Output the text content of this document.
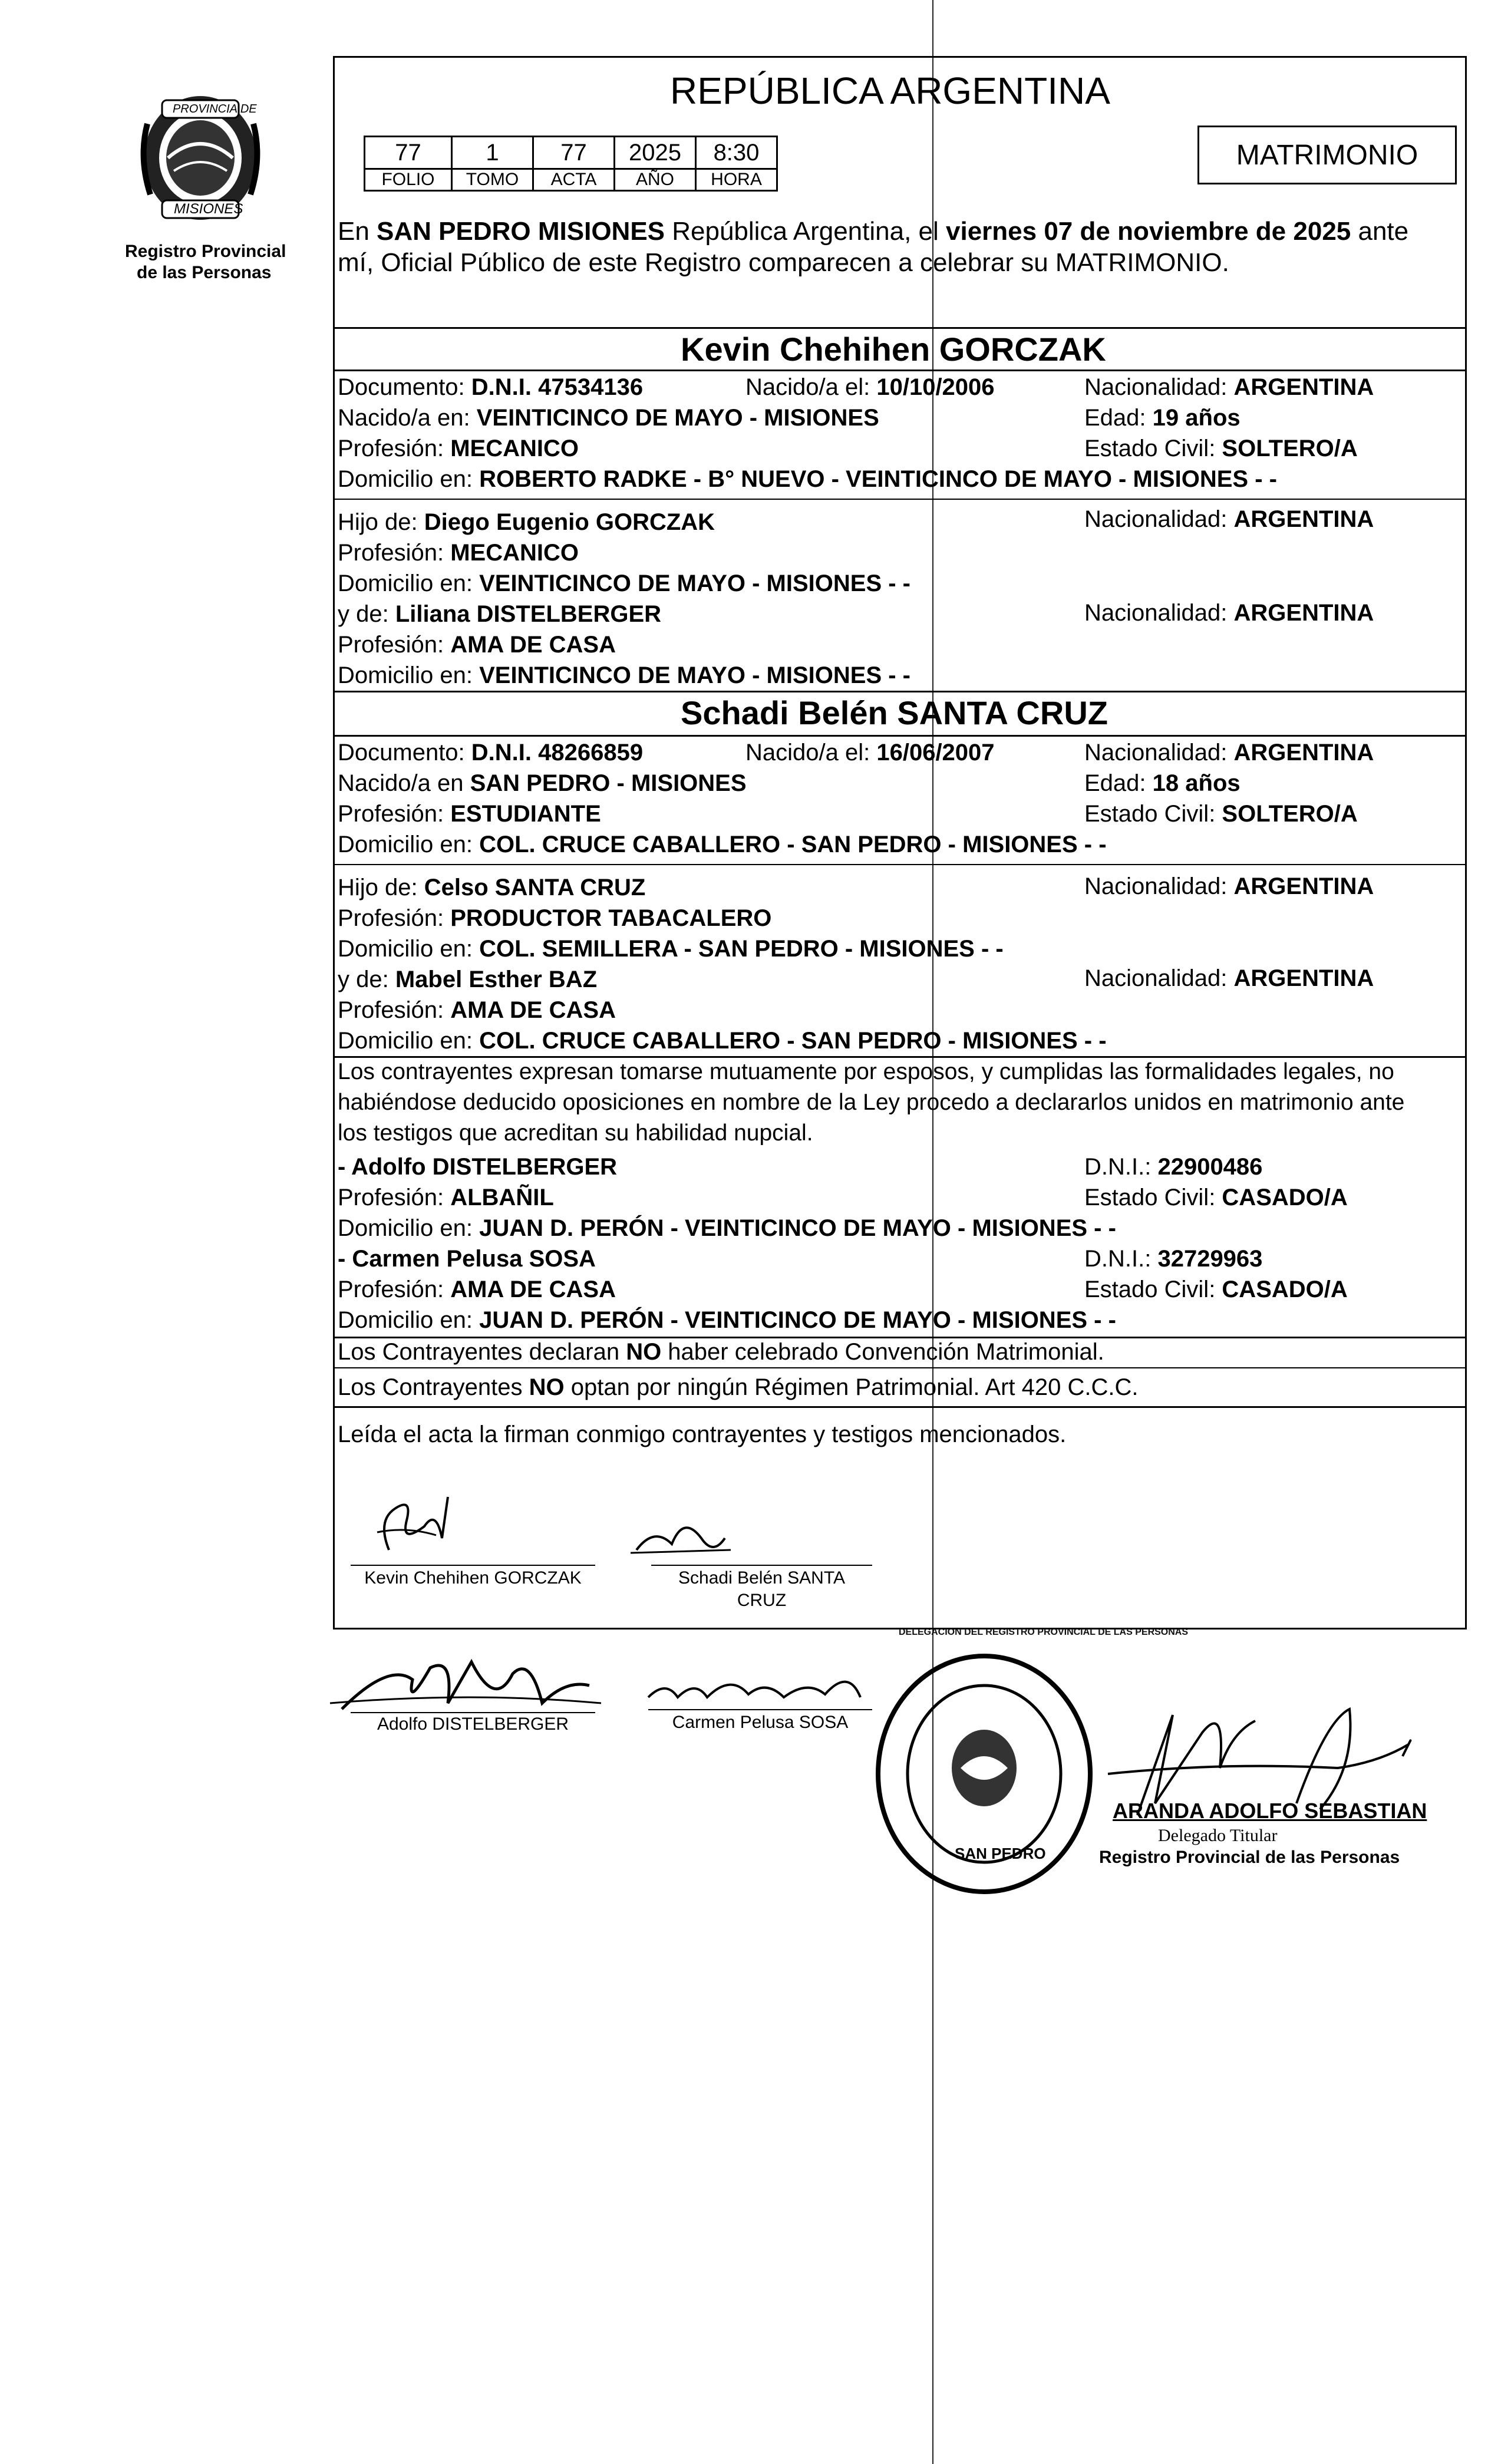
PROVINCIA DE
MISIONES
Registro Provincial
de las Personas
REPÚBLICA ARGENTINA
77	1	77	2025	8:30
FOLIO	TOMO	ACTA	AÑO	HORA
MATRIMONIO
En SAN PEDRO MISIONES República Argentina, el viernes 07 de noviembre de 2025 ante
mí, Oficial Público de este Registro comparecen a celebrar su MATRIMONIO.
Kevin Chehihen GORCZAK
Documento: D.N.I. 47534136	Nacido/a el: 10/10/2006	Nacionalidad: ARGENTINA
Nacido/a en: VEINTICINCO DE MAYO - MISIONES	Edad: 19 años
Profesión: MECANICO	Estado Civil: SOLTERO/A
Domicilio en: ROBERTO RADKE - B° NUEVO - VEINTICINCO DE MAYO - MISIONES - -
Hijo de: Diego Eugenio GORCZAK	Nacionalidad: ARGENTINA
Profesión: MECANICO
Domicilio en: VEINTICINCO DE MAYO - MISIONES - -
y de: Liliana DISTELBERGER	Nacionalidad: ARGENTINA
Profesión: AMA DE CASA
Domicilio en: VEINTICINCO DE MAYO - MISIONES - -
Schadi Belén SANTA CRUZ
Documento: D.N.I. 48266859	Nacido/a el: 16/06/2007	Nacionalidad: ARGENTINA
Nacido/a en SAN PEDRO - MISIONES	Edad: 18 años
Profesión: ESTUDIANTE	Estado Civil: SOLTERO/A
Domicilio en: COL. CRUCE CABALLERO - SAN PEDRO - MISIONES - -
Hijo de: Celso SANTA CRUZ	Nacionalidad: ARGENTINA
Profesión: PRODUCTOR TABACALERO
Domicilio en: COL. SEMILLERA - SAN PEDRO - MISIONES - -
y de: Mabel Esther BAZ	Nacionalidad: ARGENTINA
Profesión: AMA DE CASA
Domicilio en: COL. CRUCE CABALLERO - SAN PEDRO - MISIONES - -
Los contrayentes expresan tomarse mutuamente por esposos, y cumplidas las formalidades legales, no
habiéndose deducido oposiciones en nombre de la Ley procedo a declararlos unidos en matrimonio ante
los testigos que acreditan su habilidad nupcial.
- Adolfo DISTELBERGER	D.N.I.: 22900486
Profesión: ALBAÑIL	Estado Civil: CASADO/A
Domicilio en: JUAN D. PERÓN - VEINTICINCO DE MAYO - MISIONES - -
- Carmen Pelusa SOSA	D.N.I.: 32729963
Profesión: AMA DE CASA	Estado Civil: CASADO/A
Domicilio en: JUAN D. PERÓN - VEINTICINCO DE MAYO - MISIONES - -
Los Contrayentes declaran NO haber celebrado Convención Matrimonial.
Los Contrayentes NO optan por ningún Régimen Patrimonial. Art 420 C.C.C.
Leída el acta la firman conmigo contrayentes y testigos mencionados.
Kevin Chehihen GORCZAK	Schadi Belén SANTA
CRUZ
Adolfo DISTELBERGER	Carmen Pelusa SOSA
DELEGACION DEL REGISTRO PROVINCIAL DE LAS PERSONAS
SAN PEDRO
ARANDA ADOLFO SEBASTIAN
Delegado Titular
Registro Provincial de las Personas
